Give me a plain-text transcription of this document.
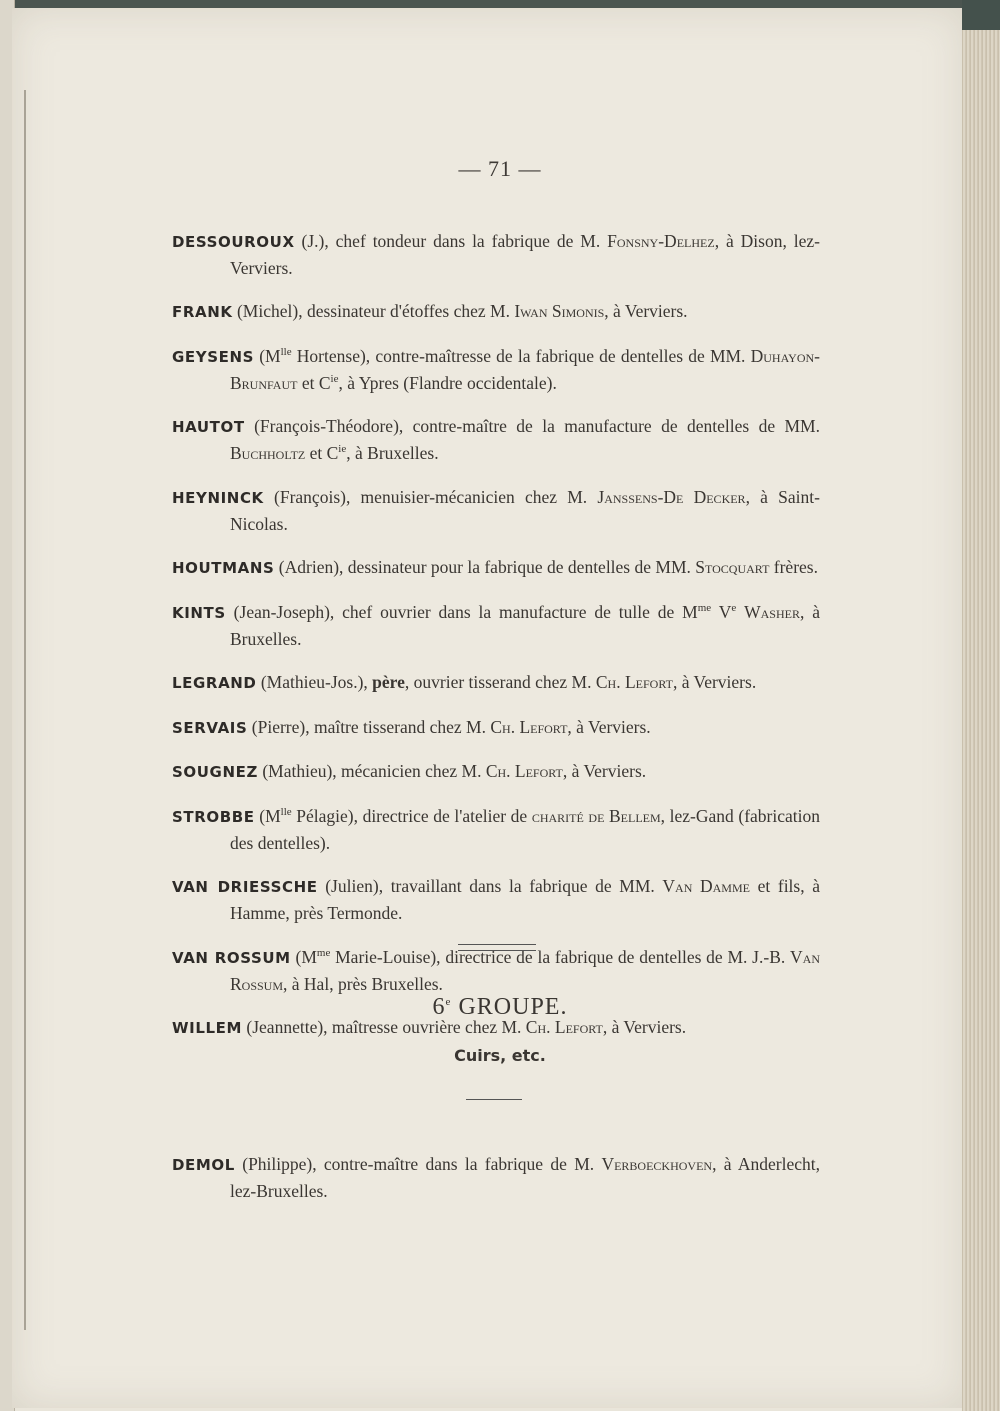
— 71 —

DESSOUROUX (J.), chef tondeur dans la fabrique de M. Fonsny-Delhez, à Dison, lez-Verviers.

FRANK (Michel), dessinateur d'étoffes chez M. Iwan Simonis, à Verviers.

GEYSENS ($M^{lle}$ Hortense), contre-maîtresse de la fabrique de dentelles de MM. Duhayon-Brunfaut et $C^{ie}$, à Ypres (Flandre occidentale).

HAUTOT (François-Théodore), contre-maître de la manufacture de dentelles de MM. Buchholtz et $C^{ie}$, à Bruxelles.

HEYNINCK (François), menuisier-mécanicien chez M. Janssens-De Decker, à Saint-Nicolas.

HOUTMANS (Adrien), dessinateur pour la fabrique de dentelles de MM. Stocquart frères.

KINTS (Jean-Joseph), chef ouvrier dans la manufacture de tulle de $M^{me}$ Ve Washer, à Bruxelles.

LEGRAND (Mathieu-Jos.), père, ouvrier tisserand chez M. Ch. Lefort, à Verviers.

SERVAIS (Pierre), maître tisserand chez M. Ch. Lefort, à Verviers.

SOUGNEZ (Mathieu), mécanicien chez M. Ch. Lefort, à Verviers.

STROBBE ($M^{lle}$ Pélagie), directrice de l'atelier de charité de Bellem, lez-Gand (fabrication des dentelles).

VAN DRIESSCHE (Julien), travaillant dans la fabrique de MM. Van Damme et fils, à Hamme, près Termonde.

VAN ROSSUM ($M^{me}$ Marie-Louise), directrice de la fabrique de dentelles de M. J.-B. Van Rossum, à Hal, près Bruxelles.

WILLEM (Jeannette), maîtresse ouvrière chez M. Ch. Lefort, à Verviers.

6e GROUPE.
Cuirs, etc.

DEMOL (Philippe), contre-maître dans la fabrique de M. Verboeckhoven, à Anderlecht, lez-Bruxelles.
